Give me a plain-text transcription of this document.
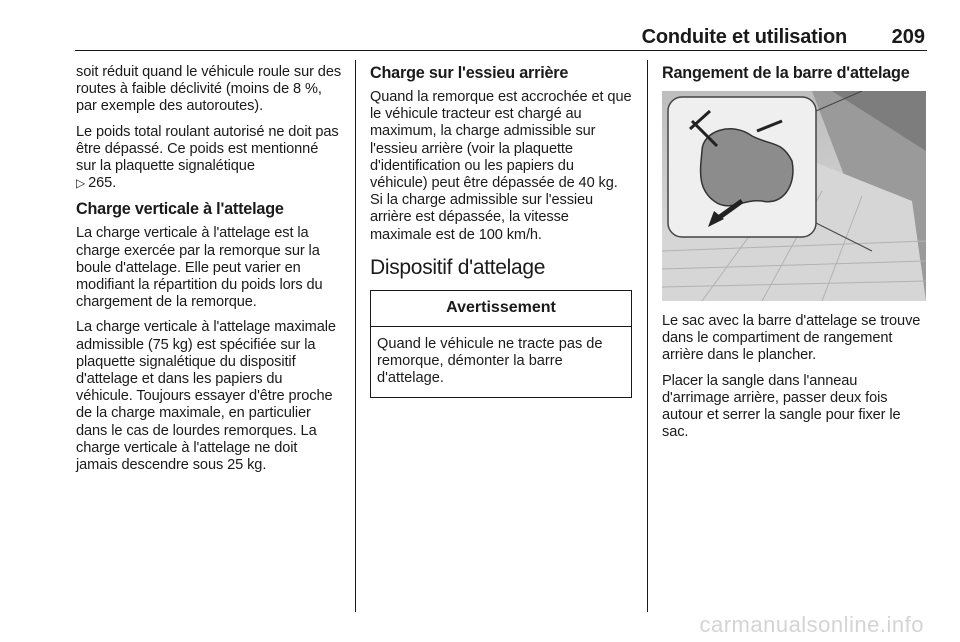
Conduite et utilisation 209

soit réduit quand le véhicule roule sur des routes à faible déclivité (moins de 8 %, par exemple des autoroutes).

Le poids total roulant autorisé ne doit pas être dépassé. Ce poids est mentionné sur la plaquette signalétique
▷ 265.

Charge verticale à l'attelage

La charge verticale à l'attelage est la charge exercée par la remorque sur la boule d'attelage. Elle peut varier en modifiant la répartition du poids lors du chargement de la remorque.

La charge verticale à l'attelage maximale admissible (75 kg) est spécifiée sur la plaquette signalétique du dispositif d'attelage et dans les papiers du véhicule. Toujours essayer d'être proche de la charge maximale, en particulier dans le cas de lourdes remorques. La charge verticale à l'attelage ne doit jamais descendre sous 25 kg.

Charge sur l'essieu arrière

Quand la remorque est accrochée et que le véhicule tracteur est chargé au maximum, la charge admissible sur l'essieu arrière (voir la plaquette d'identification ou les papiers du véhicule) peut être dépassée de 40 kg. Si la charge admissible sur l'essieu arrière est dépassée, la vitesse maximale est de 100 km/h.

Dispositif d'attelage
Avertissement
Quand le véhicule ne tracte pas de remorque, démonter la barre d'attelage.
Rangement de la barre d'attelage

Le sac avec la barre d'attelage se trouve dans le compartiment de rangement arrière dans le plancher.

Placer la sangle dans l'anneau d'arrimage arrière, passer deux fois autour et serrer la sangle pour fixer le sac.

carmanualsonline.info
